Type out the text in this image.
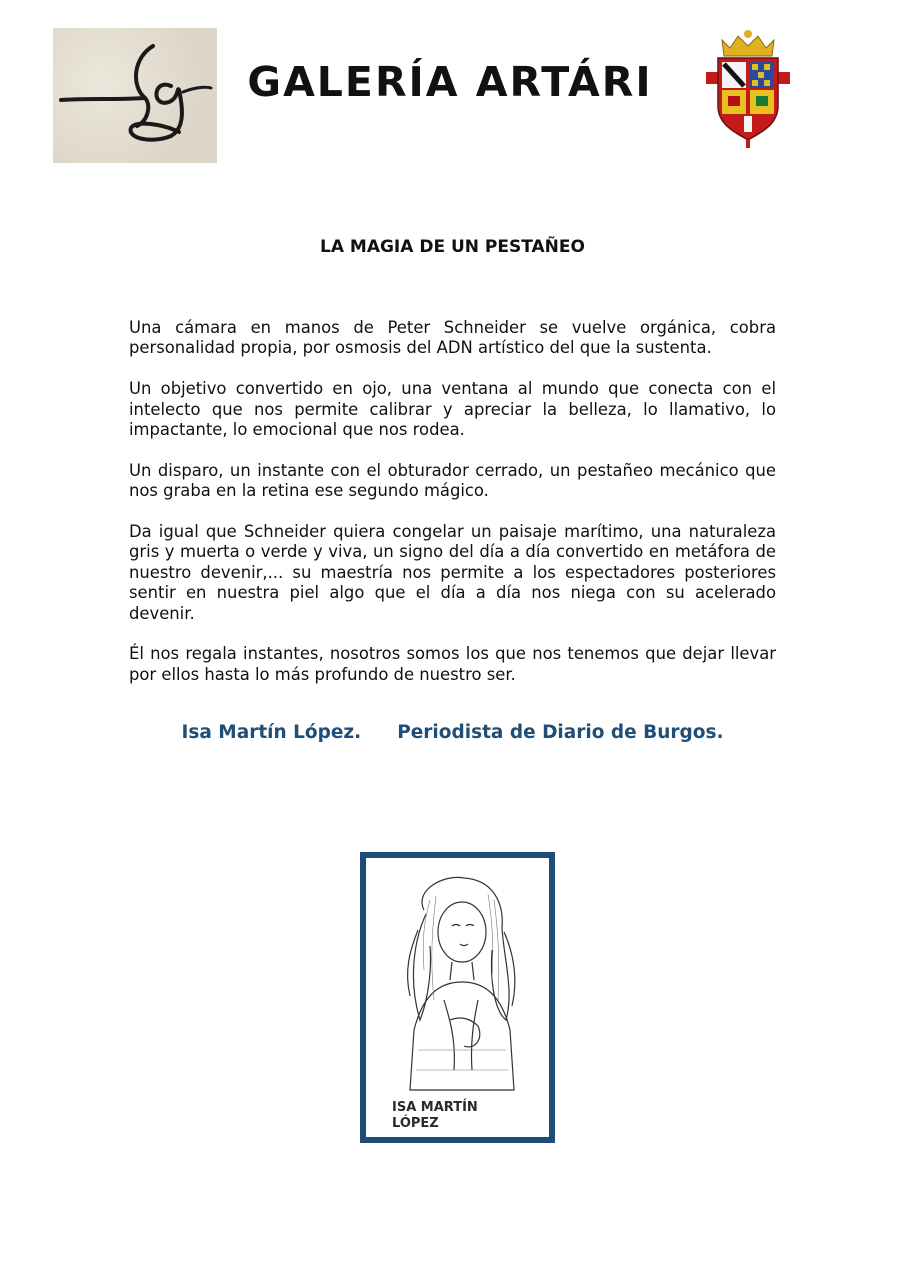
GALERÍA ARTÁRI
LA MAGIA DE UN PESTAÑEO

Una cámara en manos de Peter Schneider se vuelve orgánica, cobra personalidad propia, por osmosis del ADN artístico del que la sustenta.

Un objetivo convertido en ojo, una ventana al mundo que conecta con el intelecto que nos permite calibrar y apreciar la belleza, lo llamativo, lo impactante, lo emocional que nos rodea.

Un disparo, un instante con el obturador cerrado, un pestañeo mecánico que nos graba en la retina ese segundo mágico.

Da igual que Schneider quiera congelar un paisaje marítimo, una naturaleza gris y muerta o verde y viva, un signo del día a día convertido en metáfora de nuestro devenir,... su maestría nos permite a los espectadores posteriores sentir en nuestra piel algo que el día a día nos niega con su acelerado devenir.

Él nos regala instantes, nosotros somos los que nos tenemos que dejar llevar por ellos hasta lo más profundo de nuestro ser.

Isa Martín López. Periodista de Diario de Burgos.
ISA MARTÍN
LÓPEZ
